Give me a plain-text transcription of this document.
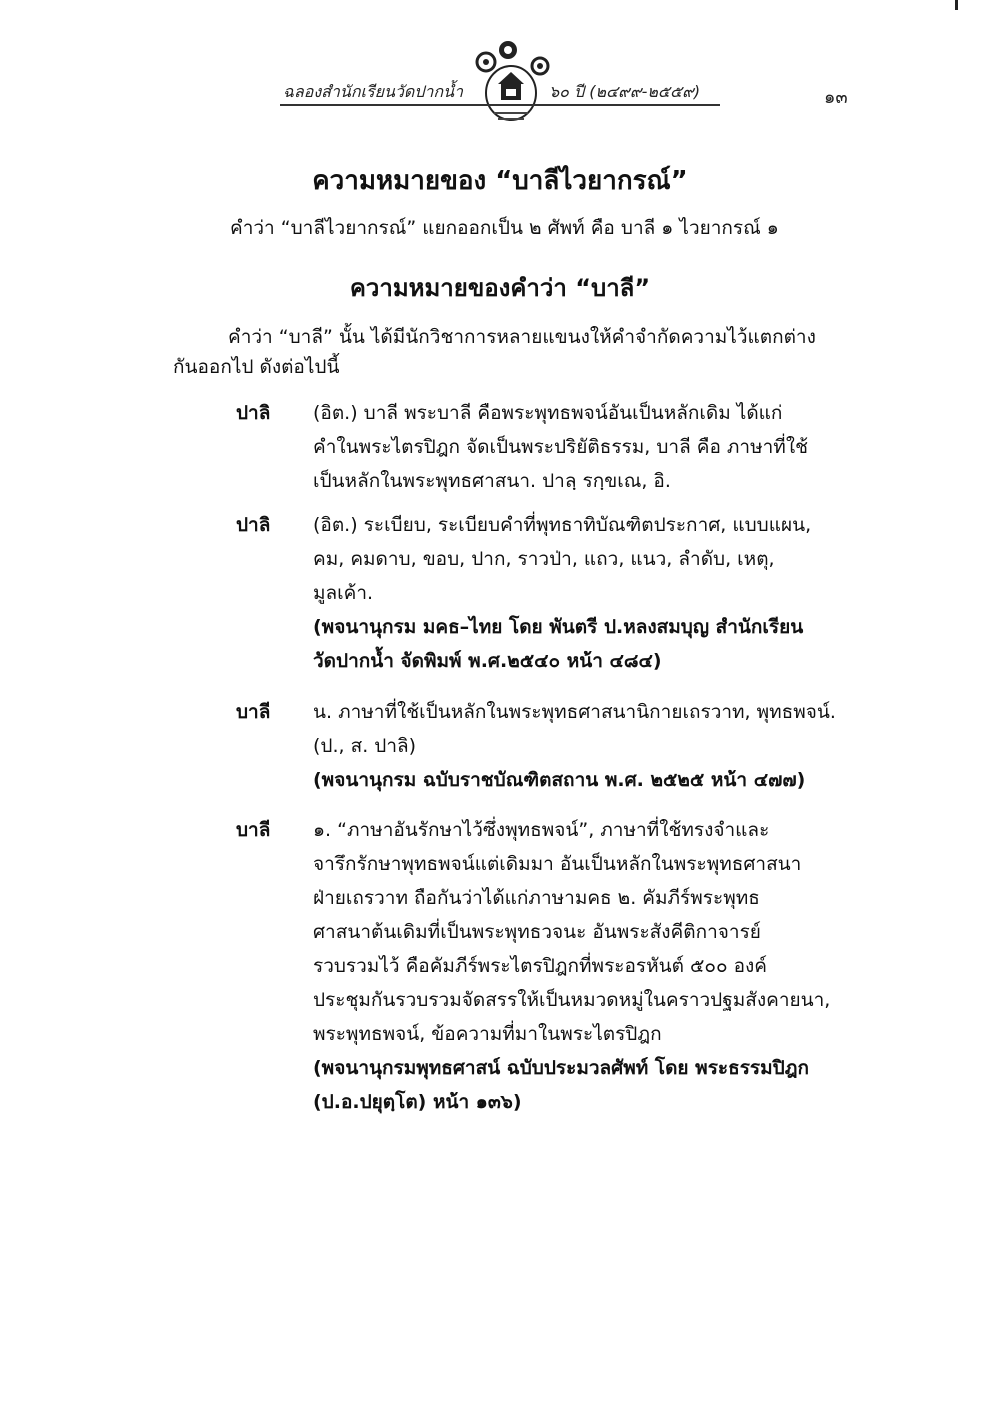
ฉลองสำนักเรียนวัดปากน้ำ	๖๐ ปี (๒๔๙๙-๒๕๕๙)	๑๓
ความหมายของ “บาลีไวยากรณ์”
คำว่า “บาลีไวยากรณ์” แยกออกเป็น ๒ ศัพท์ คือ บาลี ๑ ไวยากรณ์ ๑
ความหมายของคำว่า “บาลี”
คำว่า “บาลี” นั้น ได้มีนักวิชาการหลายแขนงให้คำจำกัดความไว้แตกต่าง
กันออกไป ดังต่อไปนี้
ปาลิ (อิต.) บาลี พระบาลี คือพระพุทธพจน์อันเป็นหลักเดิม ได้แก่
คำในพระไตรปิฎก จัดเป็นพระปริยัติธรรม, บาลี คือ ภาษาที่ใช้
เป็นหลักในพระพุทธศาสนา. ปาลฺ รกฺขเณ, อิ.
ปาลิ (อิต.) ระเบียบ, ระเบียบคำที่พุทธาทิบัณฑิตประกาศ, แบบแผน,
คม, คมดาบ, ขอบ, ปาก, ราวป่า, แถว, แนว, ลำดับ, เหตุ,
มูลเค้า.
(พจนานุกรม มคธ–ไทย โดย พันตรี ป.หลงสมบุญ สำนักเรียน
วัดปากน้ำ จัดพิมพ์ พ.ศ.๒๕๔๐ หน้า ๔๘๔)
บาลี น. ภาษาที่ใช้เป็นหลักในพระพุทธศาสนานิกายเถรวาท, พุทธพจน์.
(ป., ส. ปาลิ)
(พจนานุกรม ฉบับราชบัณฑิตสถาน พ.ศ. ๒๕๒๕ หน้า ๔๗๗)
บาลี ๑. “ภาษาอันรักษาไว้ซึ่งพุทธพจน์”, ภาษาที่ใช้ทรงจำและ
จารึกรักษาพุทธพจน์แต่เดิมมา อันเป็นหลักในพระพุทธศาสนา
ฝ่ายเถรวาท ถือกันว่าได้แก่ภาษามคธ ๒. คัมภีร์พระพุทธ
ศาสนาต้นเดิมที่เป็นพระพุทธวจนะ อันพระสังคีติกาจารย์
รวบรวมไว้ คือคัมภีร์พระไตรปิฎกที่พระอรหันต์ ๕๐๐ องค์
ประชุมกันรวบรวมจัดสรรให้เป็นหมวดหมู่ในคราวปฐมสังคายนา,
พระพุทธพจน์, ข้อความที่มาในพระไตรปิฎก
(พจนานุกรมพุทธศาสน์ ฉบับประมวลศัพท์ โดย พระธรรมปิฎก
(ป.อ.ปยุตฺโต) หน้า ๑๓๖)
